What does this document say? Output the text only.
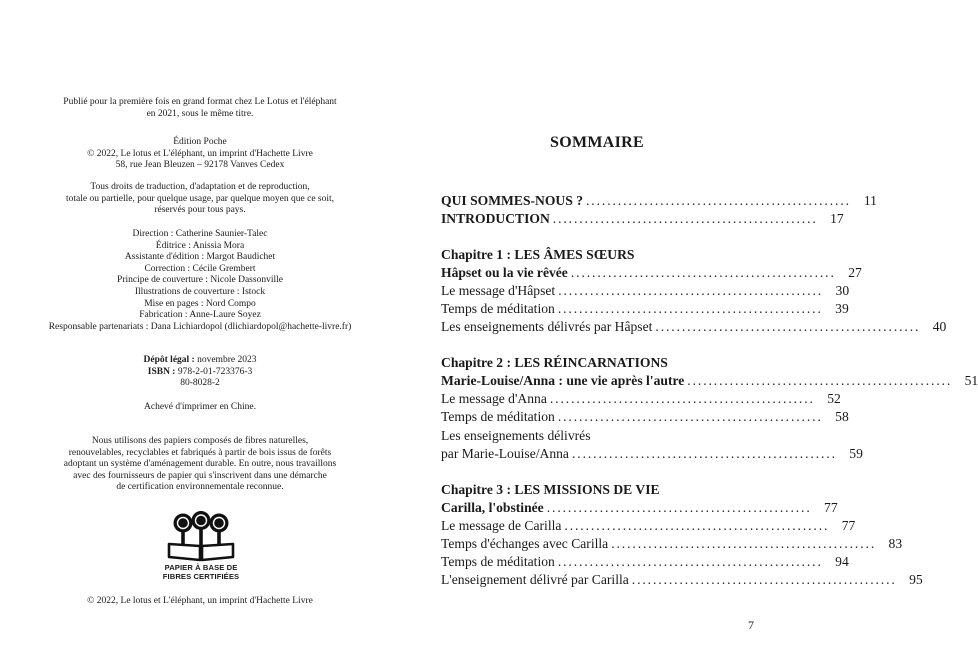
Publié pour la première fois en grand format chez Le Lotus et l'éléphant
en 2021, sous le même titre.
Édition Poche
© 2022, Le lotus et L'éléphant, un imprint d'Hachette Livre
58, rue Jean Bleuzen – 92178 Vanves Cedex
Tous droits de traduction, d'adaptation et de reproduction,
totale ou partielle, pour quelque usage, par quelque moyen que ce soit,
réservés pour tous pays.
Direction : Catherine Saunier-Talec
Éditrice : Anissia Mora
Assistante d'édition : Margot Baudichet
Correction : Cécile Grembert
Principe de couverture : Nicole Dassonville
Illustrations de couverture : Istock
Mise en pages : Nord Compo
Fabrication : Anne-Laure Soyez
Responsable partenariats : Dana Lichiardopol (dlichiardopol@hachette-livre.fr)
Dépôt légal : novembre 2023
ISBN : 978-2-01-723376-3
80-8028-2
Achevé d'imprimer en Chine.
Nous utilisons des papiers composés de fibres naturelles,
renouvelables, recyclables et fabriqués à partir de bois issus de forêts
adoptant un système d'aménagement durable. En outre, nous travaillons
avec des fournisseurs de papier qui s'inscrivent dans une démarche
de certification environnementale reconnue.
PAPIER À BASE DE
FIBRES CERTIFIÉES
© 2022, Le lotus et L'éléphant, un imprint d'Hachette Livre
SOMMAIRE
QUI SOMMES-NOUS ? .................................................. 11
INTRODUCTION .................................................. 17
Chapitre 1 : LES ÂMES SŒURS
Hâpset ou la vie rêvée .................................................. 27
Le message d'Hâpset .................................................. 30
Temps de méditation .................................................. 39
Les enseignements délivrés par Hâpset .................................................. 40
Chapitre 2 : LES RÉINCARNATIONS
Marie-Louise/Anna : une vie après l'autre .................................................. 51
Le message d'Anna .................................................. 52
Temps de méditation .................................................. 58
Les enseignements délivrés
par Marie-Louise/Anna .................................................. 59
Chapitre 3 : LES MISSIONS DE VIE
Carilla, l'obstinée .................................................. 77
Le message de Carilla .................................................. 77
Temps d'échanges avec Carilla .................................................. 83
Temps de méditation .................................................. 94
L'enseignement délivré par Carilla .................................................. 95
7
